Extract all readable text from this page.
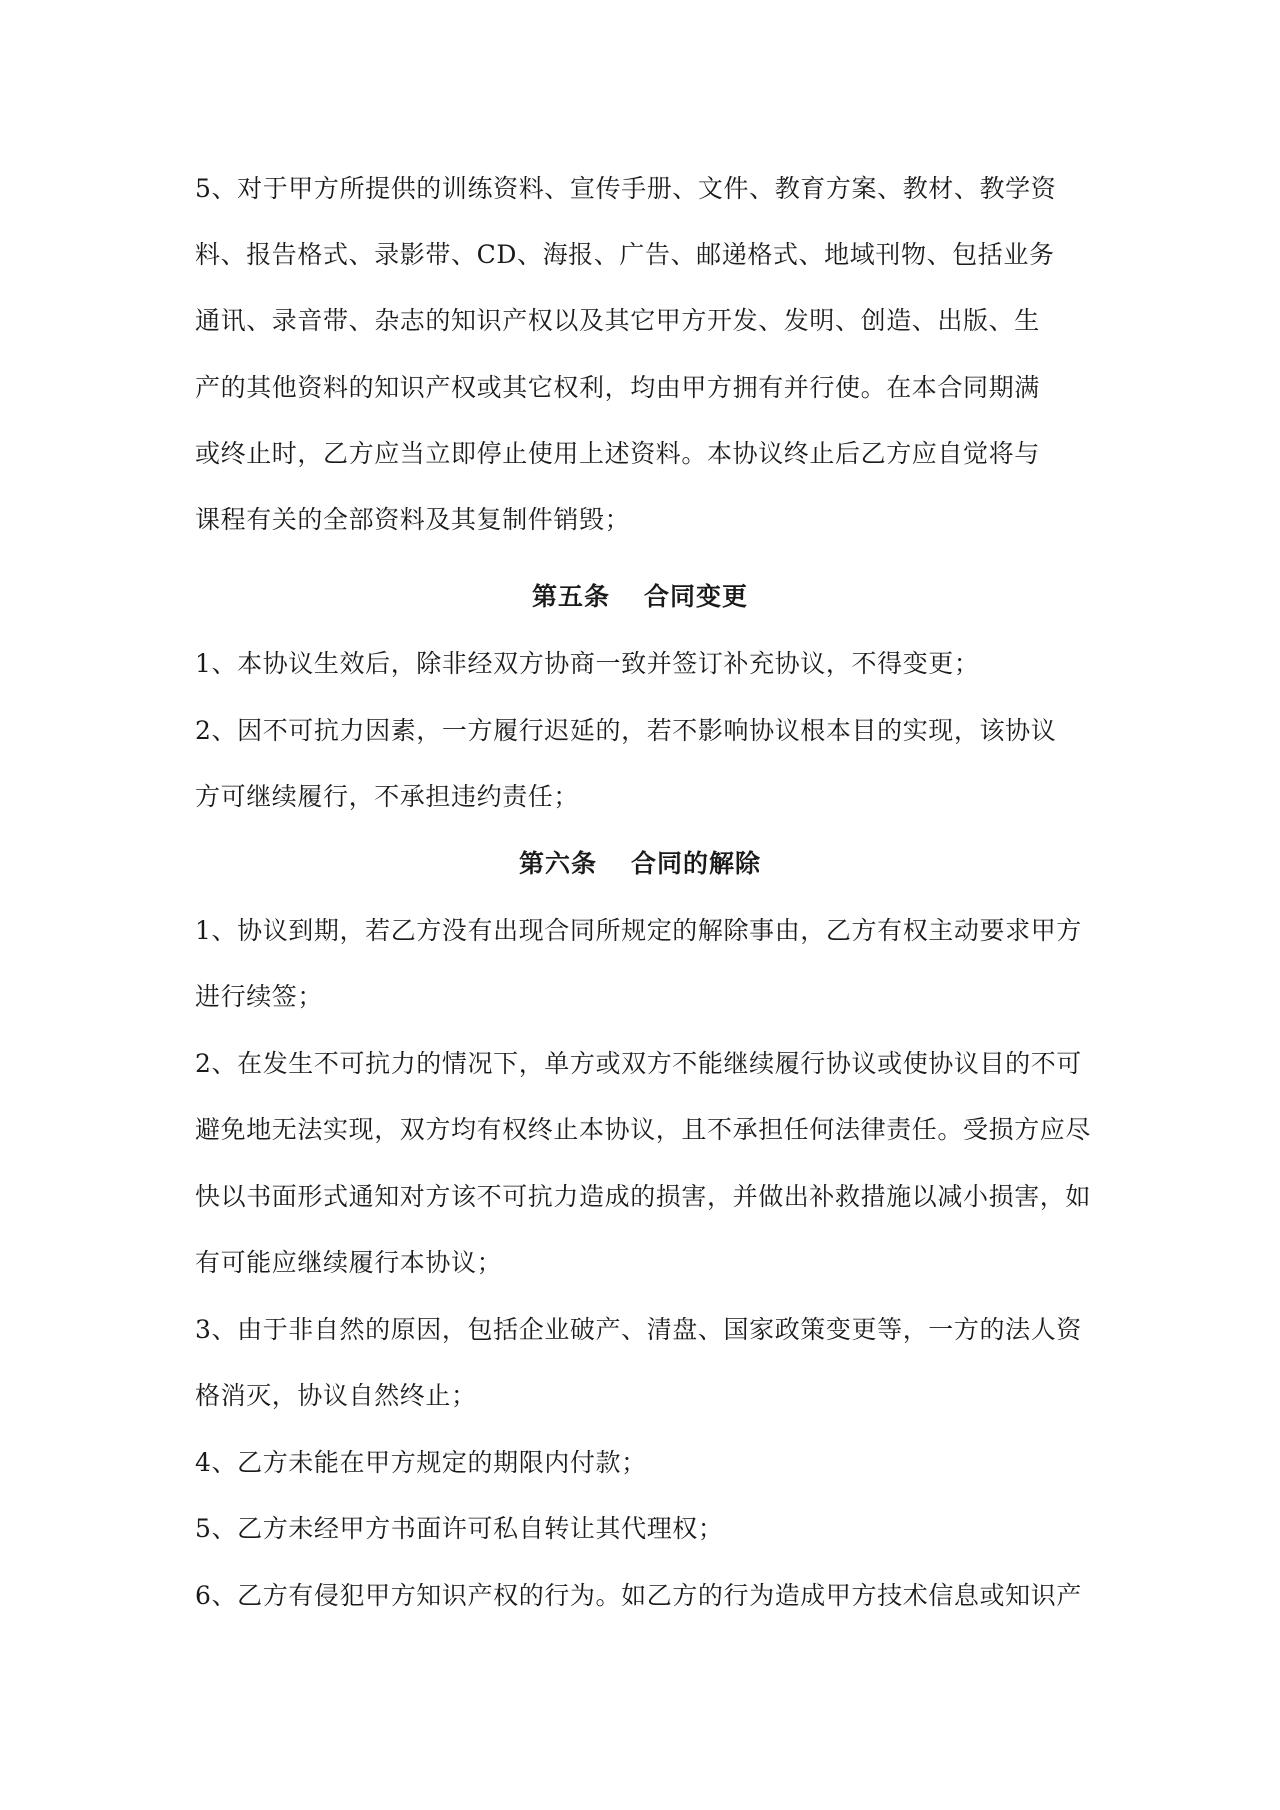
5、对于甲方所提供的训练资料、宣传手册、文件、教育方案、教材、教学资
料、报告格式、录影带、CD、海报、广告、邮递格式、地域刊物、包括业务
通讯、录音带、杂志的知识产权以及其它甲方开发、发明、创造、出版、生
产的其他资料的知识产权或其它权利，均由甲方拥有并行使。在本合同期满
或终止时，乙方应当立即停止使用上述资料。本协议终止后乙方应自觉将与
课程有关的全部资料及其复制件销毁；
第五条 合同变更
1、本协议生效后，除非经双方协商一致并签订补充协议，不得变更；
2、因不可抗力因素，一方履行迟延的，若不影响协议根本目的实现，该协议
方可继续履行，不承担违约责任；
第六条 合同的解除
1、协议到期，若乙方没有出现合同所规定的解除事由，乙方有权主动要求甲方
进行续签；
2、在发生不可抗力的情况下，单方或双方不能继续履行协议或使协议目的不可
避免地无法实现，双方均有权终止本协议，且不承担任何法律责任。受损方应尽
快以书面形式通知对方该不可抗力造成的损害，并做出补救措施以减小损害，如
有可能应继续履行本协议；
3、由于非自然的原因，包括企业破产、清盘、国家政策变更等，一方的法人资
格消灭，协议自然终止；
4、乙方未能在甲方规定的期限内付款；
5、乙方未经甲方书面许可私自转让其代理权；
6、乙方有侵犯甲方知识产权的行为。如乙方的行为造成甲方技术信息或知识产
